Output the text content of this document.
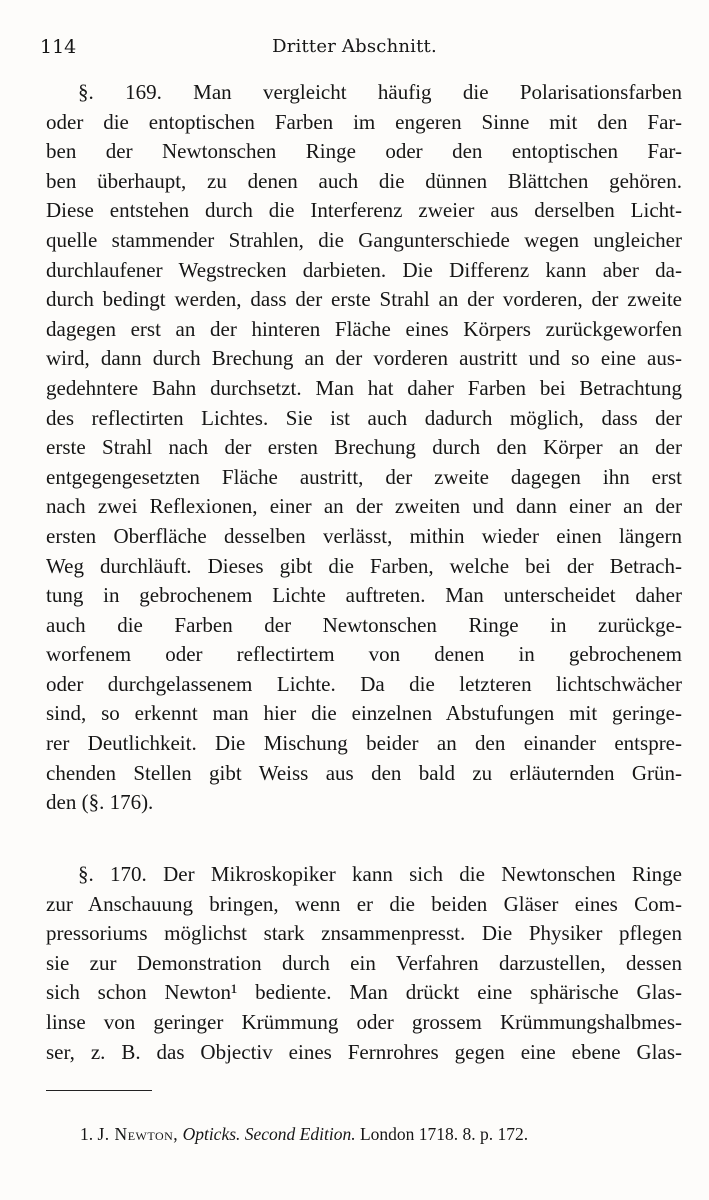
114	Dritter Abschnitt.
§. 169. Man vergleicht häufig die Polarisationsfarben
oder die entoptischen Farben im engeren Sinne mit den Far-
ben der Newtonschen Ringe oder den entoptischen Far-
ben überhaupt, zu denen auch die dünnen Blättchen gehören.
Diese entstehen durch die Interferenz zweier aus derselben Licht-
quelle stammender Strahlen, die Gangunterschiede wegen ungleicher
durchlaufener Wegstrecken darbieten. Die Differenz kann aber da-
durch bedingt werden, dass der erste Strahl an der vorderen, der zweite
dagegen erst an der hinteren Fläche eines Körpers zurückgeworfen
wird, dann durch Brechung an der vorderen austritt und so eine aus-
gedehntere Bahn durchsetzt. Man hat daher Farben bei Betrachtung
des reflectirten Lichtes. Sie ist auch dadurch möglich, dass der
erste Strahl nach der ersten Brechung durch den Körper an der
entgegengesetzten Fläche austritt, der zweite dagegen ihn erst
nach zwei Reflexionen, einer an der zweiten und dann einer an der
ersten Oberfläche desselben verlässt, mithin wieder einen längern
Weg durchläuft. Dieses gibt die Farben, welche bei der Betrach-
tung in gebrochenem Lichte auftreten. Man unterscheidet daher
auch die Farben der Newtonschen Ringe in zurückge-
worfenem oder reflectirtem von denen in gebrochenem
oder durchgelassenem Lichte. Da die letzteren lichtschwächer
sind, so erkennt man hier die einzelnen Abstufungen mit geringe-
rer Deutlichkeit. Die Mischung beider an den einander entspre-
chenden Stellen gibt Weiss aus den bald zu erläuternden Grün-
den (§. 176).
§. 170. Der Mikroskopiker kann sich die Newtonschen Ringe
zur Anschauung bringen, wenn er die beiden Gläser eines Com-
pressoriums möglichst stark znsammenpresst. Die Physiker pflegen
sie zur Demonstration durch ein Verfahren darzustellen, dessen
sich schon Newton¹ bediente. Man drückt eine sphärische Glas-
linse von geringer Krümmung oder grossem Krümmungshalbmes-
ser, z. B. das Objectiv eines Fernrohres gegen eine ebene Glas-
1. J. Newton, Opticks. Second Edition. London 1718. 8. p. 172.
